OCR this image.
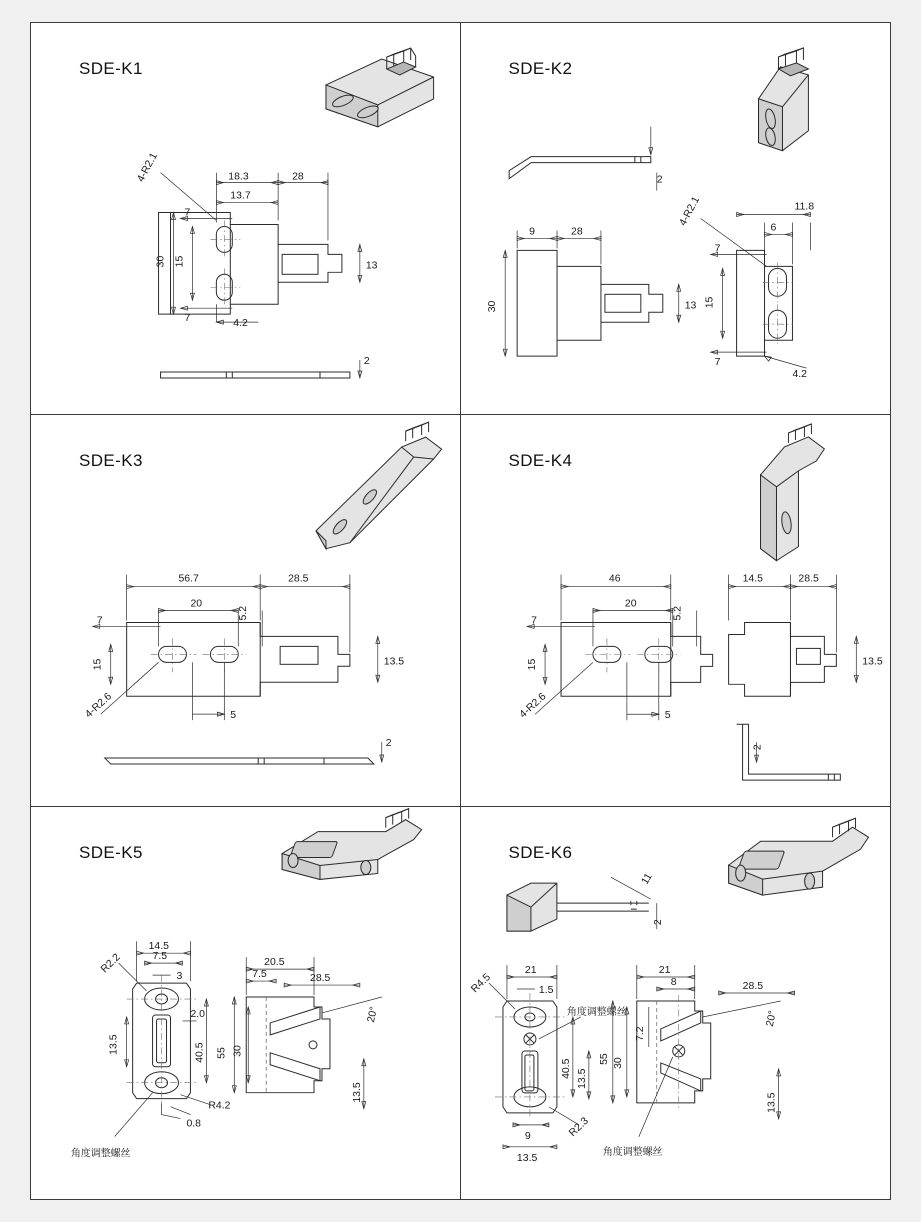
SDE-K1
18.3	28
13.7
7
7
15
30	13
4.2
4-R2.1
2
SDE-K2
2
9	28
30	13
6
11.8
7
7
15
4-R2.1
4.2
SDE-K3
56.7	28.5
7
20
5.2
15
4-R2.6	5
13.5
2
SDE-K4
46
7
20
5.2
15
4-R2.6	5
14.5	28.5
13.5
2
SDE-K5
14.5
7.5
3
R2.2
13.5	40.5
2.0
R4.2
0.8
角度调整螺丝
20.5
7.5	28.5
55 30
20°
13.5
SDE-K6
11
2
21
1.5
R4.5
40.5 13.5
R2.3
9
13.5
角度调整螺丝
21
8
7.2
30
55
28.5
20°
13.5
角度调整螺丝
